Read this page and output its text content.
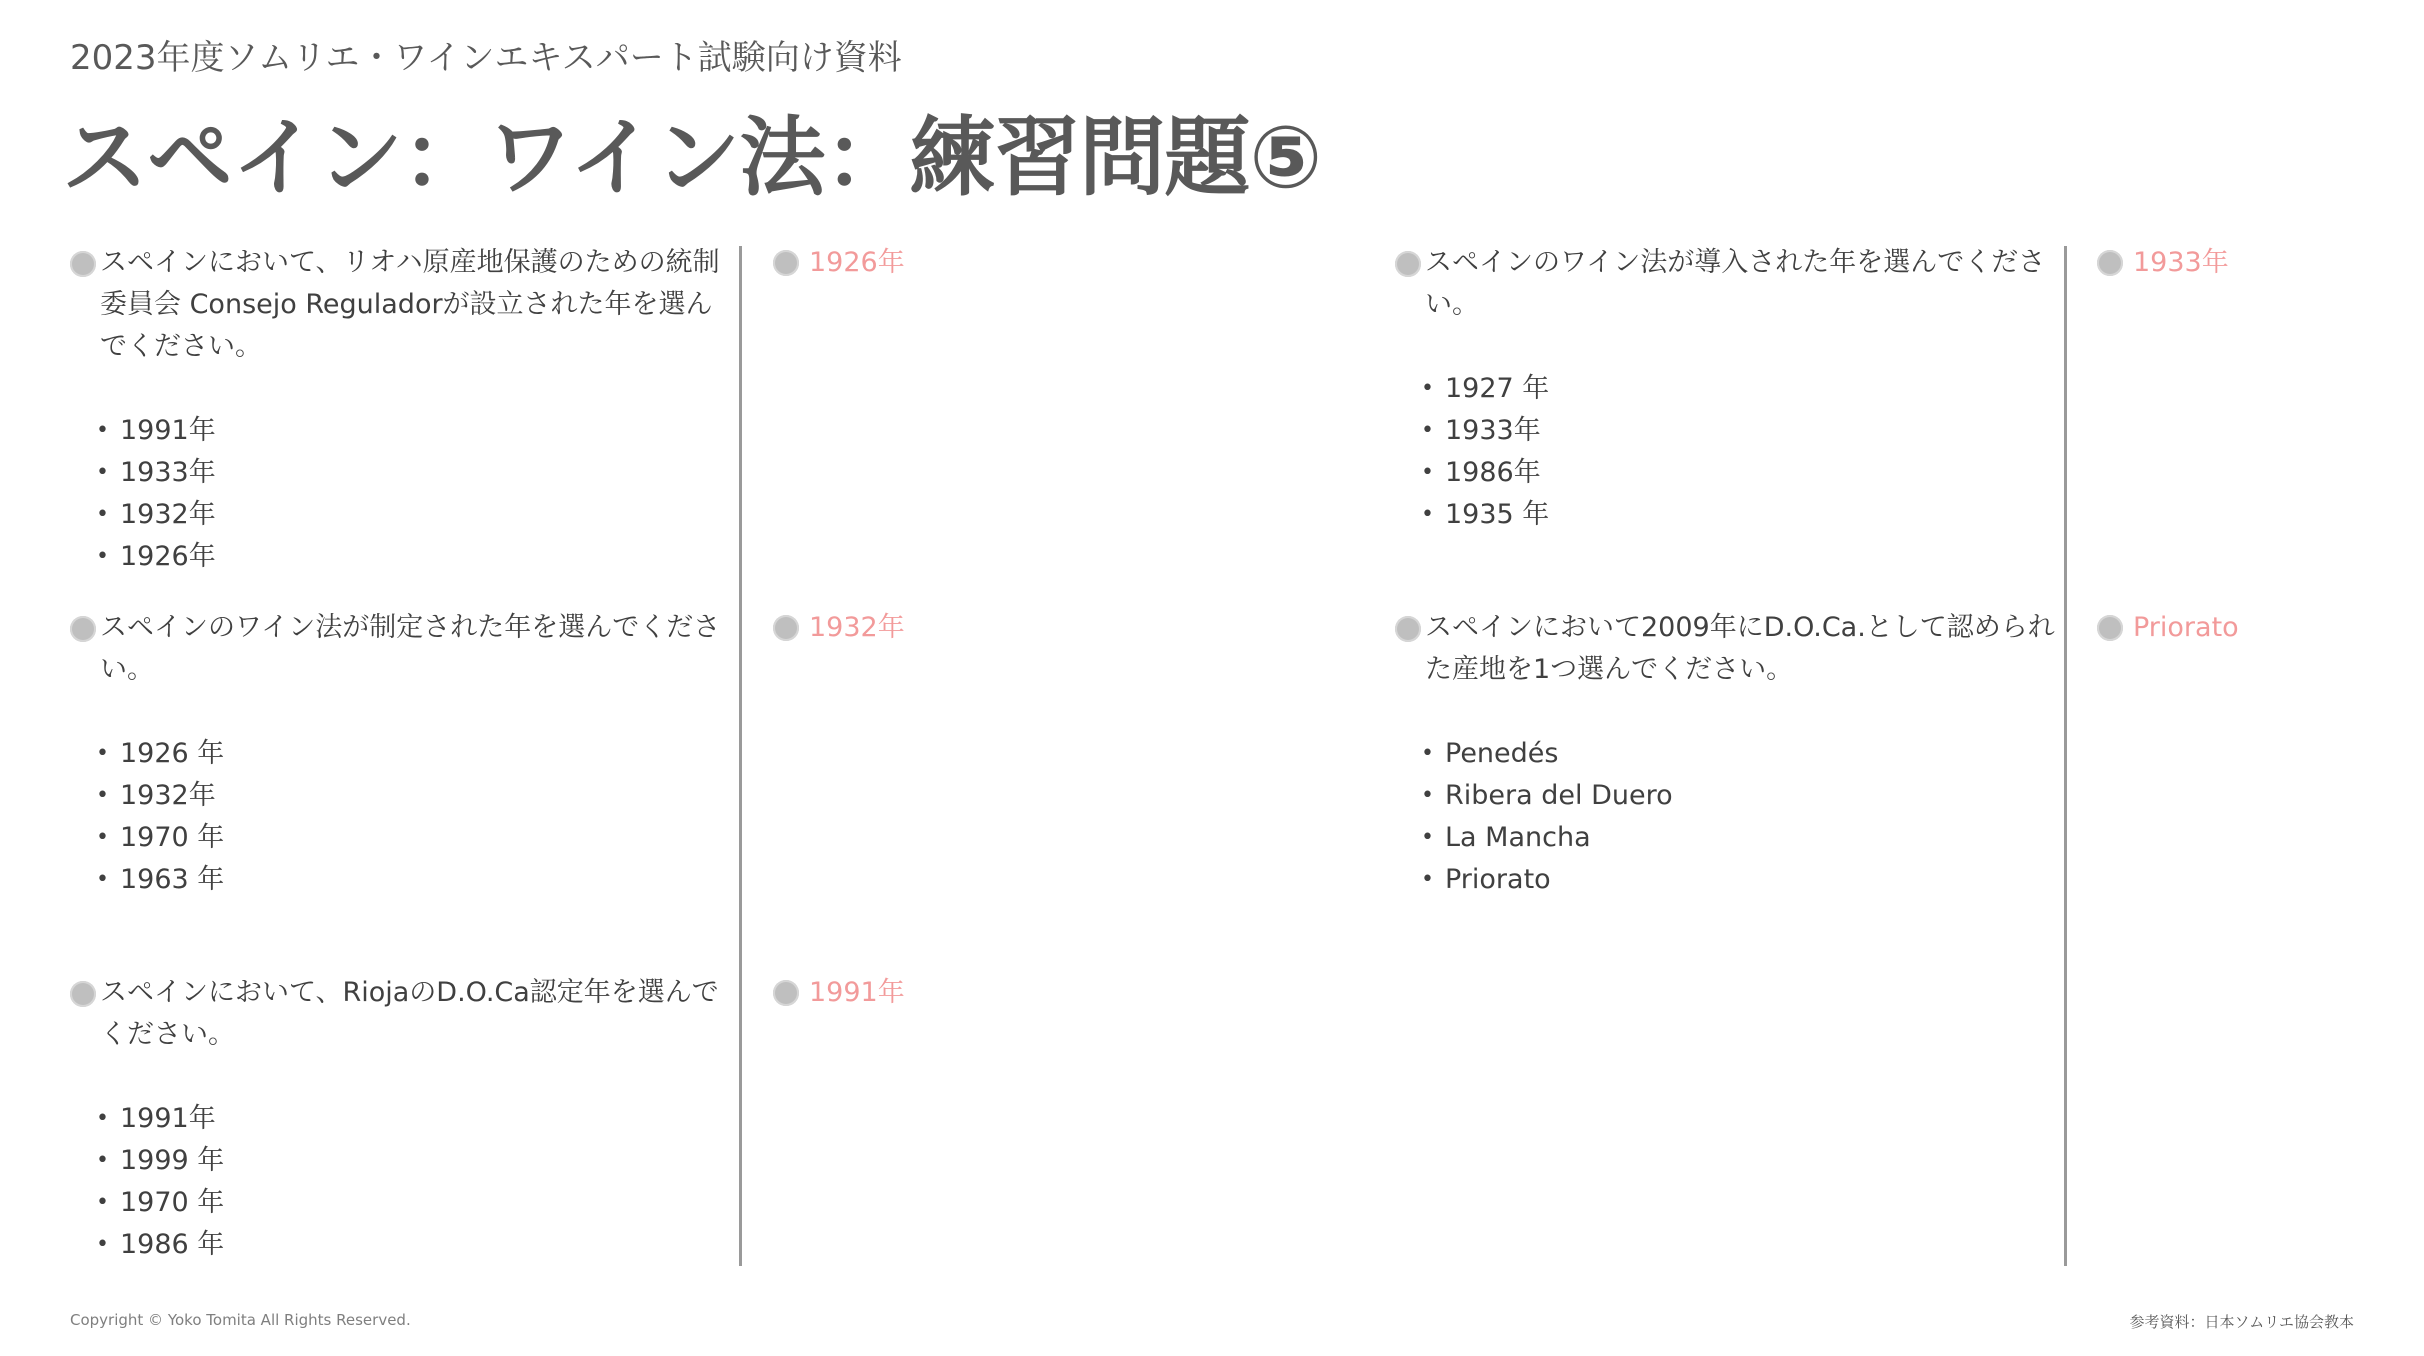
2023年度ソムリエ・ワインエキスパート試験向け資料
スペイン：ワイン法：練習問題⑤
スペインにおいて、リオハ原産地保護のための統制委員会 Consejo Reguladorが設立された年を選んでください。
• 1991年
• 1933年
• 1932年
• 1926年
1926年
スペインのワイン法が制定された年を選んでください。
• 1926 年
• 1932年
• 1970 年
• 1963 年
1932年
スペインにおいて、RiojaのD.O.Ca認定年を選んでください。
• 1991年
• 1999 年
• 1970 年
• 1986 年
1991年
スペインのワイン法が導入された年を選んでください。
• 1927 年
• 1933年
• 1986年
• 1935 年
1933年
スペインにおいて2009年にD.O.Ca.として認められた産地を1つ選んでください。
• Penedés
• Ribera del Duero
• La Mancha
• Priorato
Priorato
Copyright © Yoko Tomita All Rights Reserved.	参考資料：日本ソムリエ協会教本
